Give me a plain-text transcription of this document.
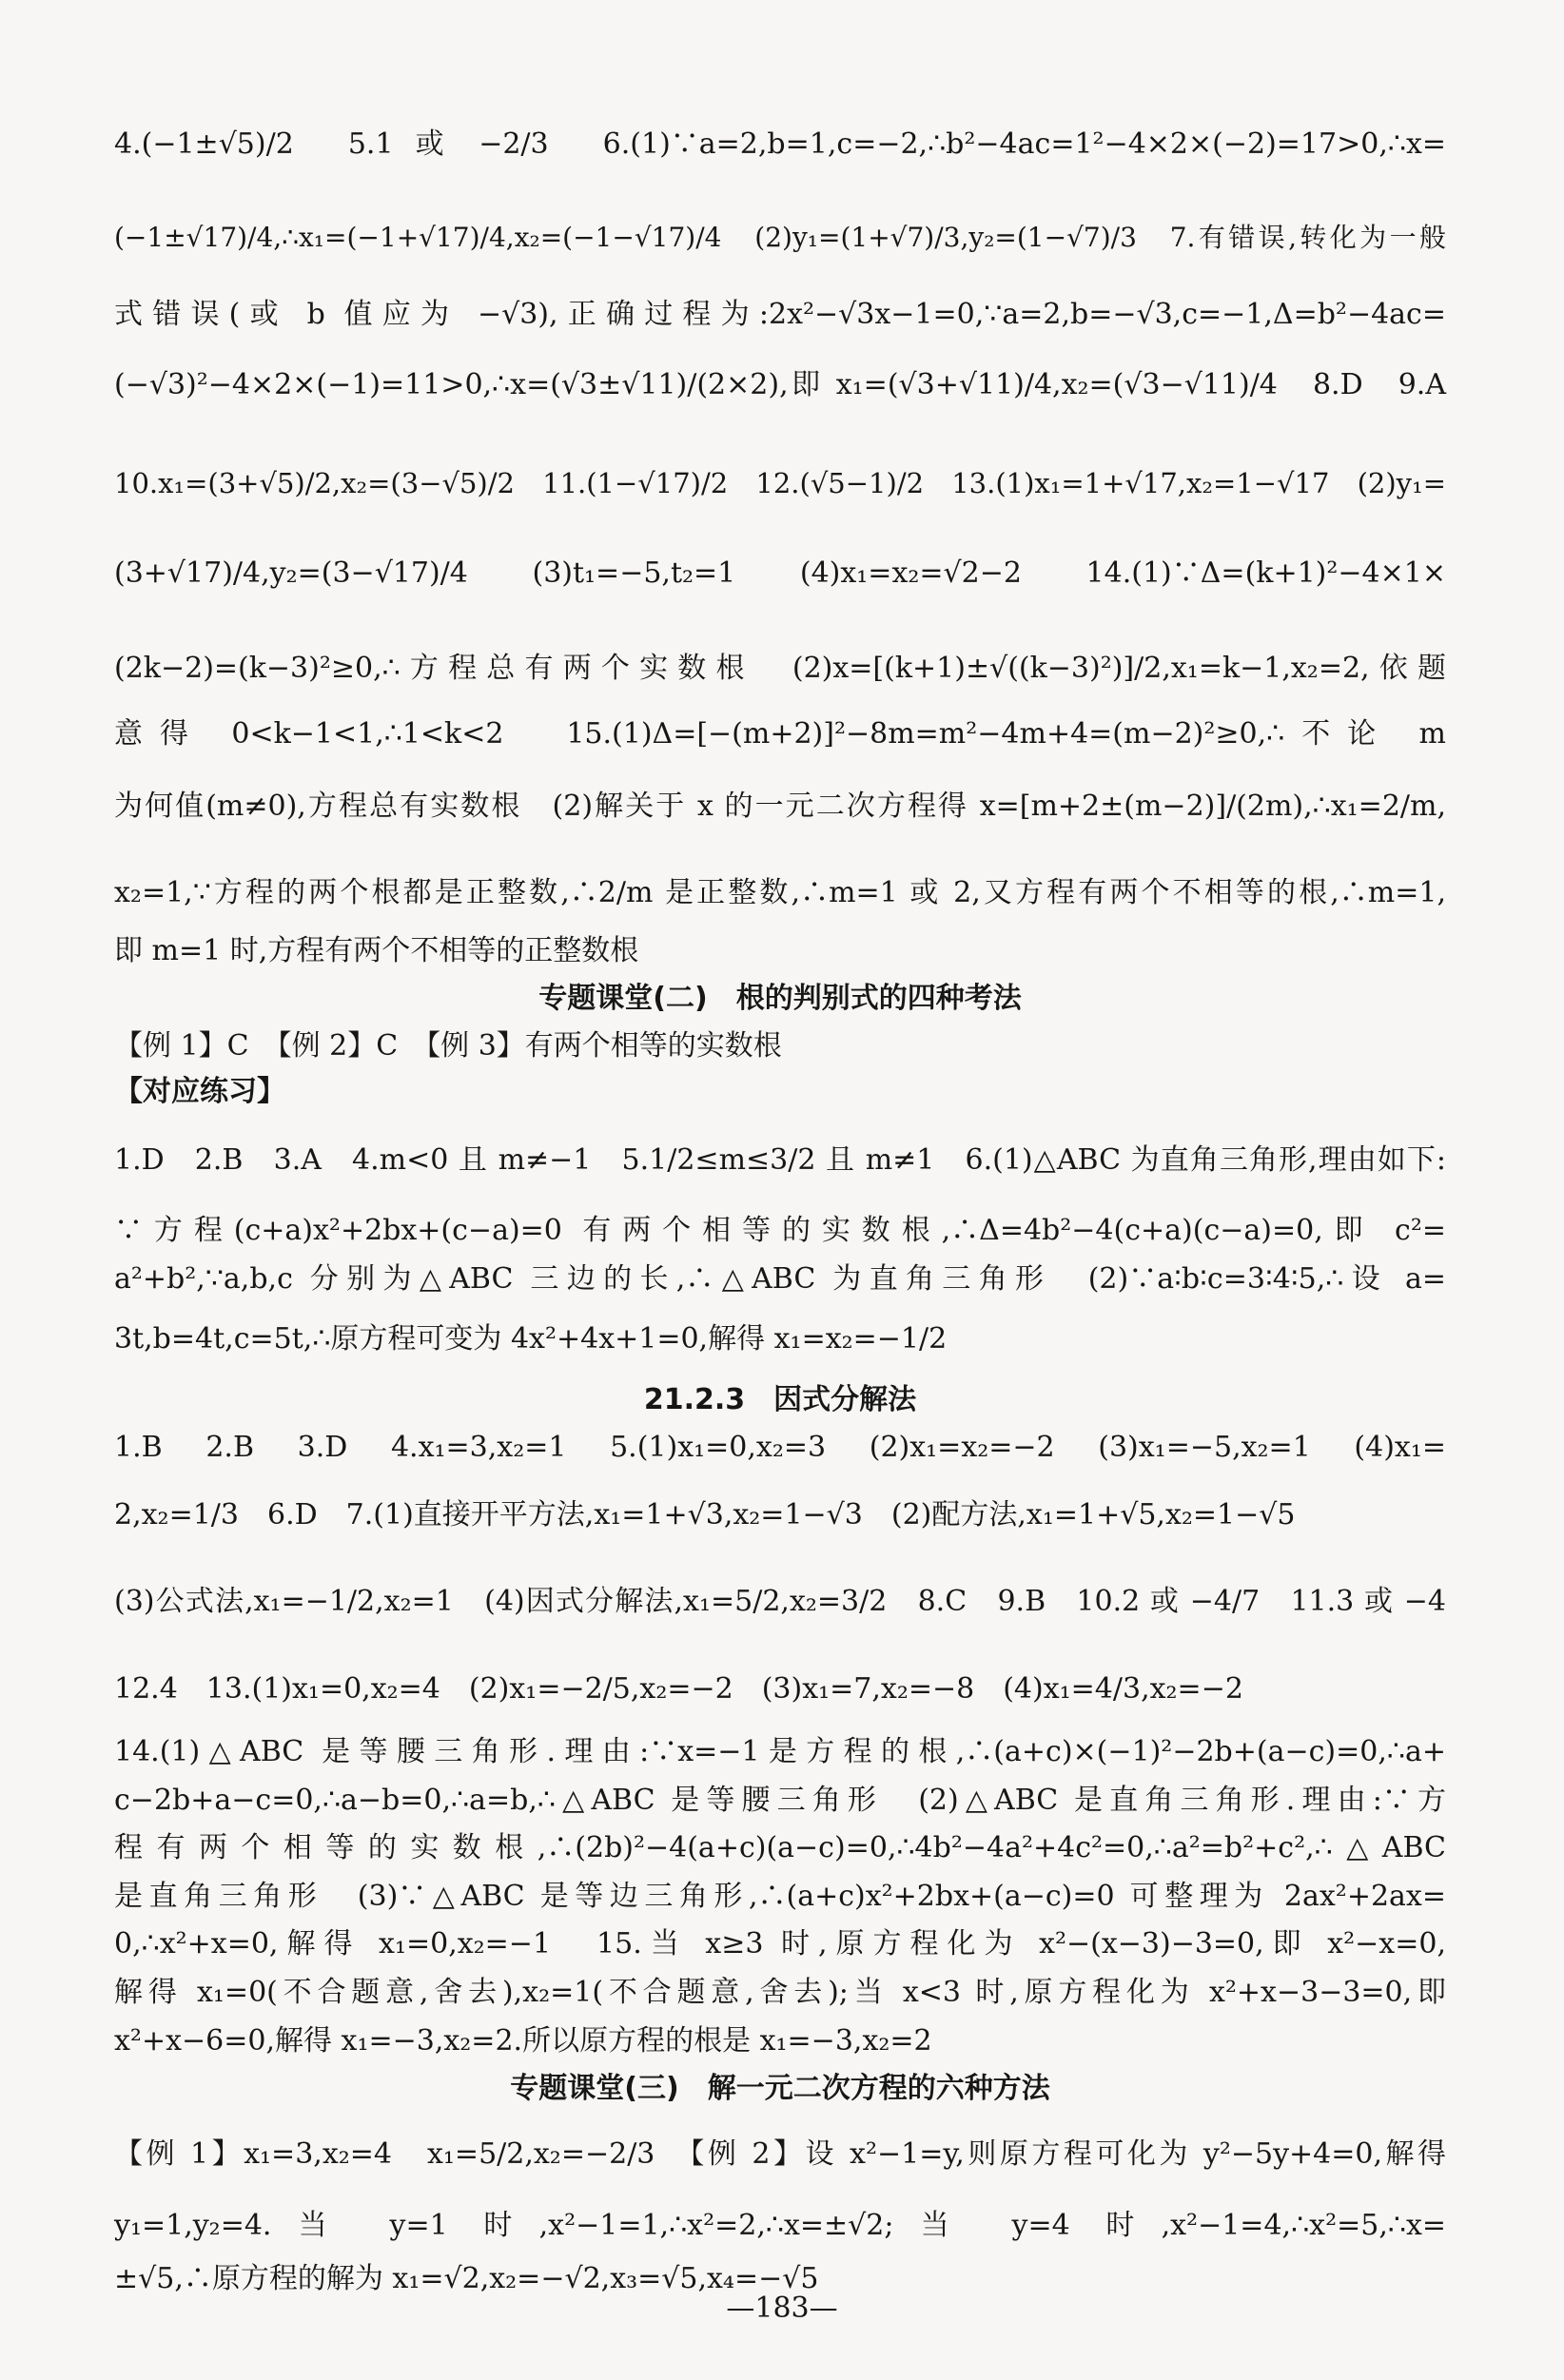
4.(−1±√5)/2　5.1 或 −2/3　6.(1)∵a=2,b=1,c=−2,∴b²−4ac=1²−4×2×(−2)=17>0,∴x=

(−1±√17)/4,∴x₁=(−1+√17)/4,x₂=(−1−√17)/4　(2)y₁=(1+√7)/3,y₂=(1−√7)/3　7.有错误,转化为一般

式错误(或 b 值应为 −√3),正确过程为:2x²−√3x−1=0,∵a=2,b=−√3,c=−1,Δ=b²−4ac=

(−√3)²−4×2×(−1)=11>0,∴x=(√3±√11)/(2×2),即 x₁=(√3+√11)/4,x₂=(√3−√11)/4　8.D　9.A

10.x₁=(3+√5)/2,x₂=(3−√5)/2　11.(1−√17)/2　12.(√5−1)/2　13.(1)x₁=1+√17,x₂=1−√17　(2)y₁=

(3+√17)/4,y₂=(3−√17)/4　(3)t₁=−5,t₂=1　(4)x₁=x₂=√2−2　14.(1)∵Δ=(k+1)²−4×1×

(2k−2)=(k−3)²≥0,∴方程总有两个实数根　(2)x=[(k+1)±√((k−3)²)]/2,x₁=k−1,x₂=2,依题

意得 0<k−1<1,∴1<k<2　15.(1)Δ=[−(m+2)]²−8m=m²−4m+4=(m−2)²≥0,∴不论 m

为何值(m≠0),方程总有实数根　(2)解关于 x 的一元二次方程得 x=[m+2±(m−2)]/(2m),∴x₁=2/m,

x₂=1,∵方程的两个根都是正整数,∴2/m 是正整数,∴m=1 或 2,又方程有两个不相等的根,∴m=1,

即 m=1 时,方程有两个不相等的正整数根

专题课堂(二)　根的判别式的四种考法

【例 1】C　【例 2】C　【例 3】有两个相等的实数根

【对应练习】

1.D　2.B　3.A　4.m<0 且 m≠−1　5.1/2≤m≤3/2 且 m≠1　6.(1)△ABC 为直角三角形,理由如下:

∵方程(c+a)x²+2bx+(c−a)=0 有两个相等的实数根,∴Δ=4b²−4(c+a)(c−a)=0,即 c²=

a²+b²,∵a,b,c 分别为△ABC 三边的长,∴△ABC 为直角三角形　(2)∵a∶b∶c=3∶4∶5,∴设 a=

3t,b=4t,c=5t,∴原方程可变为 4x²+4x+1=0,解得 x₁=x₂=−1/2

21.2.3　因式分解法

1.B　2.B　3.D　4.x₁=3,x₂=1　5.(1)x₁=0,x₂=3　(2)x₁=x₂=−2　(3)x₁=−5,x₂=1　(4)x₁=

2,x₂=1/3　6.D　7.(1)直接开平方法,x₁=1+√3,x₂=1−√3　(2)配方法,x₁=1+√5,x₂=1−√5

(3)公式法,x₁=−1/2,x₂=1　(4)因式分解法,x₁=5/2,x₂=3/2　8.C　9.B　10.2 或 −4/7　11.3 或 −4

12.4　13.(1)x₁=0,x₂=4　(2)x₁=−2/5,x₂=−2　(3)x₁=7,x₂=−8　(4)x₁=4/3,x₂=−2

14.(1)△ABC 是等腰三角形.理由:∵x=−1是方程的根,∴(a+c)×(−1)²−2b+(a−c)=0,∴a+

c−2b+a−c=0,∴a−b=0,∴a=b,∴△ABC 是等腰三角形　(2)△ABC 是直角三角形.理由:∵方

程有两个相等的实数根,∴(2b)²−4(a+c)(a−c)=0,∴4b²−4a²+4c²=0,∴a²=b²+c²,∴△ABC

是直角三角形　(3)∵△ABC 是等边三角形,∴(a+c)x²+2bx+(a−c)=0 可整理为 2ax²+2ax=

0,∴x²+x=0,解得 x₁=0,x₂=−1　15.当 x≥3 时,原方程化为 x²−(x−3)−3=0,即 x²−x=0,

解得 x₁=0(不合题意,舍去),x₂=1(不合题意,舍去);当 x<3 时,原方程化为 x²+x−3−3=0,即

x²+x−6=0,解得 x₁=−3,x₂=2.所以原方程的根是 x₁=−3,x₂=2

专题课堂(三)　解一元二次方程的六种方法

【例 1】x₁=3,x₂=4　x₁=5/2,x₂=−2/3　【例 2】设 x²−1=y,则原方程可化为 y²−5y+4=0,解得

y₁=1,y₂=4.当 y=1 时,x²−1=1,∴x²=2,∴x=±√2;当 y=4 时,x²−1=4,∴x²=5,∴x=

±√5,∴原方程的解为 x₁=√2,x₂=−√2,x₃=√5,x₄=−√5

—183—
